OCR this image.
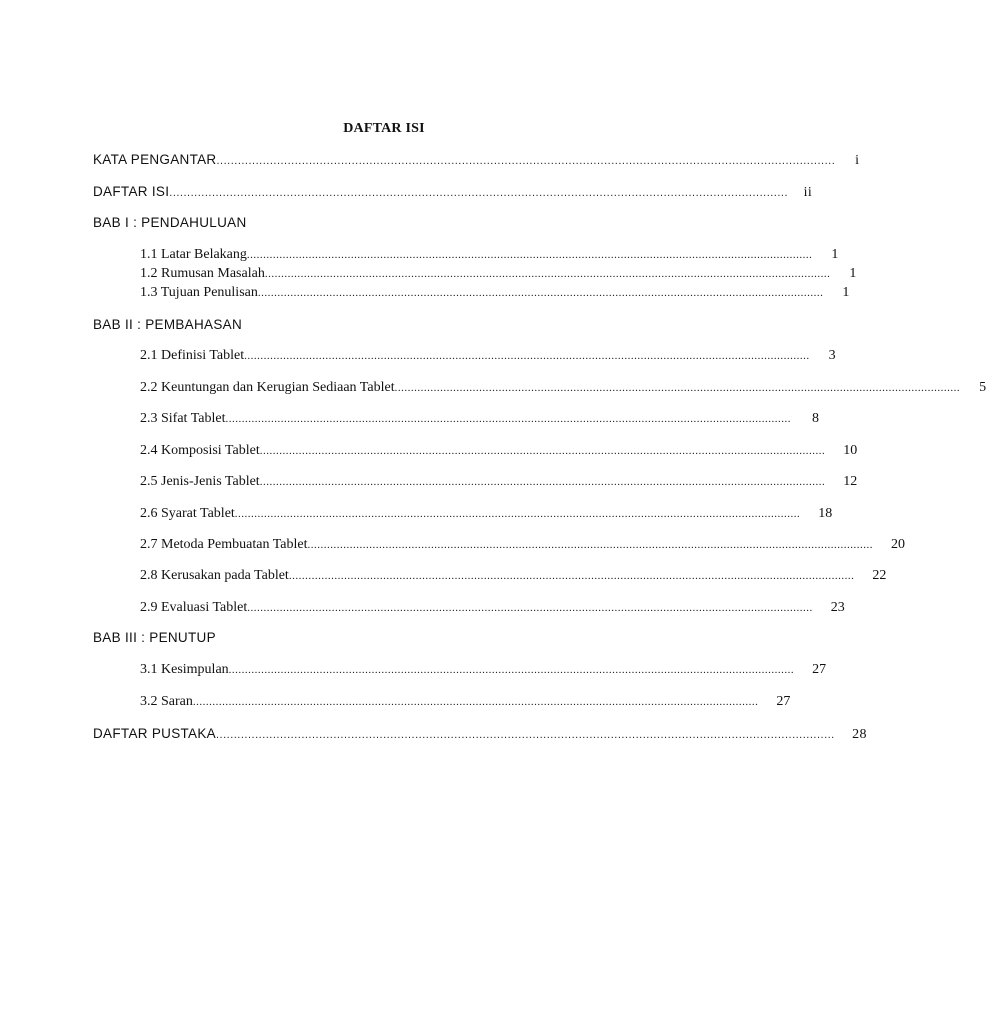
DAFTAR ISI
KATA PENGANTAR ..............................................................................................................................................................................	i
DAFTAR ISI ..............................................................................................................................................................................	ii
BAB I : PENDAHULUAN
1.1 Latar Belakang ..............................................................................................................................................................................	1
1.2 Rumusan Masalah ..............................................................................................................................................................................	1
1.3 Tujuan Penulisan ..............................................................................................................................................................................	1
BAB II : PEMBAHASAN
2.1 Definisi Tablet ..............................................................................................................................................................................	3
2.2 Keuntungan dan Kerugian Sediaan Tablet ..............................................................................................................................................................................	5
2.3 Sifat Tablet ..............................................................................................................................................................................	8
2.4 Komposisi Tablet ..............................................................................................................................................................................	10
2.5 Jenis-Jenis Tablet ..............................................................................................................................................................................	12
2.6 Syarat Tablet ..............................................................................................................................................................................	18
2.7 Metoda Pembuatan Tablet ..............................................................................................................................................................................	20
2.8 Kerusakan pada Tablet ..............................................................................................................................................................................	22
2.9 Evaluasi Tablet ..............................................................................................................................................................................	23
BAB III : PENUTUP
3.1 Kesimpulan ..............................................................................................................................................................................	27
3.2 Saran ..............................................................................................................................................................................	27
DAFTAR PUSTAKA ..............................................................................................................................................................................	28
